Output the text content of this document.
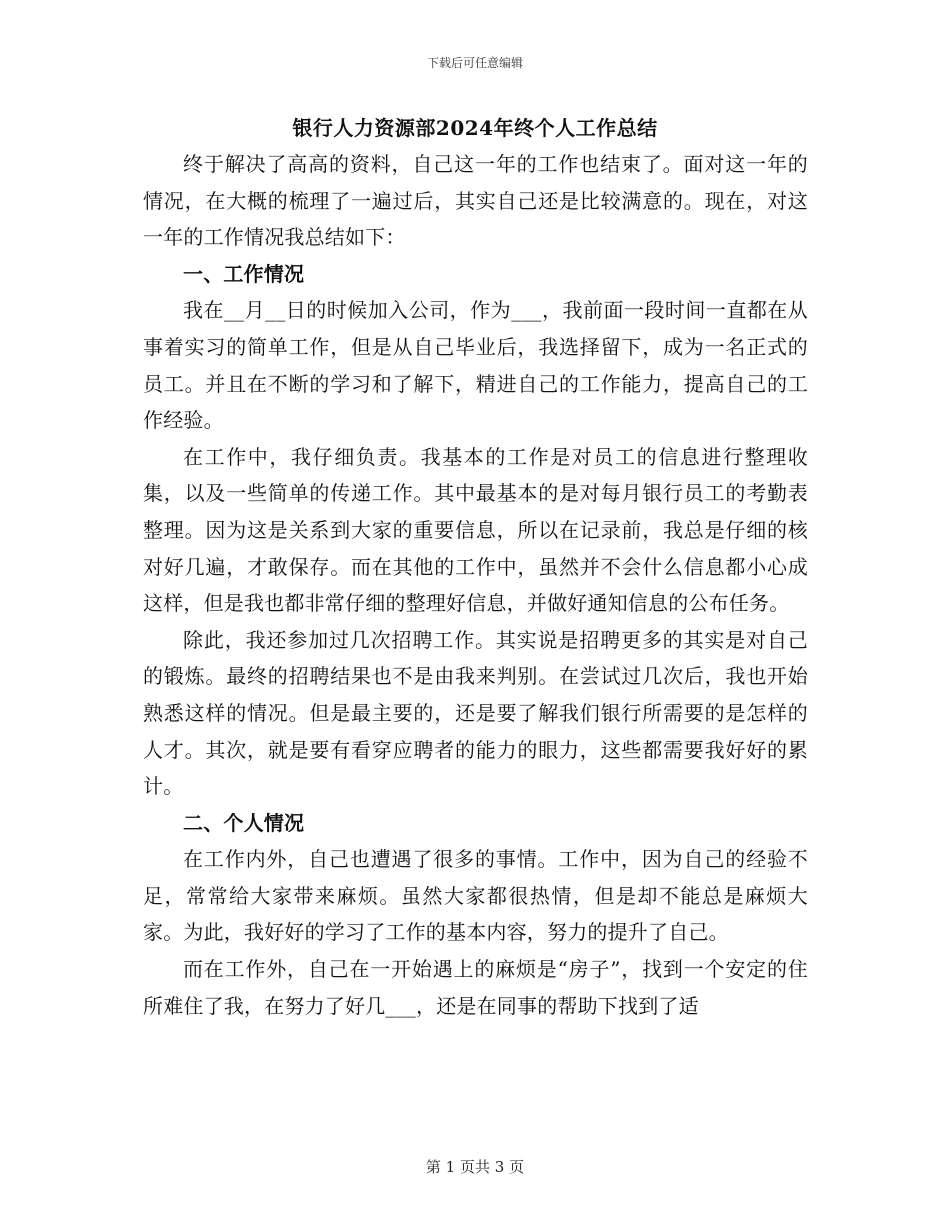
下载后可任意编辑
银行人力资源部2024年终个人工作总结

终于解决了高高的资料，自己这一年的工作也结束了。面对这一年的情况，在大概的梳理了一遍过后，其实自己还是比较满意的。现在，对这一年的工作情况我总结如下：

一、工作情况

我在__月__日的时候加入公司，作为___，我前面一段时间一直都在从事着实习的简单工作，但是从自己毕业后，我选择留下，成为一名正式的员工。并且在不断的学习和了解下，精进自己的工作能力，提高自己的工作经验。

在工作中，我仔细负责。我基本的工作是对员工的信息进行整理收集，以及一些简单的传递工作。其中最基本的是对每月银行员工的考勤表整理。因为这是关系到大家的重要信息，所以在记录前，我总是仔细的核对好几遍，才敢保存。而在其他的工作中，虽然并不会什么信息都小心成这样，但是我也都非常仔细的整理好信息，并做好通知信息的公布任务。

除此，我还参加过几次招聘工作。其实说是招聘更多的其实是对自己的锻炼。最终的招聘结果也不是由我来判别。在尝试过几次后，我也开始熟悉这样的情况。但是最主要的，还是要了解我们银行所需要的是怎样的人才。其次，就是要有看穿应聘者的能力的眼力，这些都需要我好好的累计。

二、个人情况

在工作内外，自己也遭遇了很多的事情。工作中，因为自己的经验不足，常常给大家带来麻烦。虽然大家都很热情，但是却不能总是麻烦大家。为此，我好好的学习了工作的基本内容，努力的提升了自己。

而在工作外，自己在一开始遇上的麻烦是“房子”，找到一个安定的住所难住了我，在努力了好几___，还是在同事的帮助下找到了适

第 1 页共 3 页
